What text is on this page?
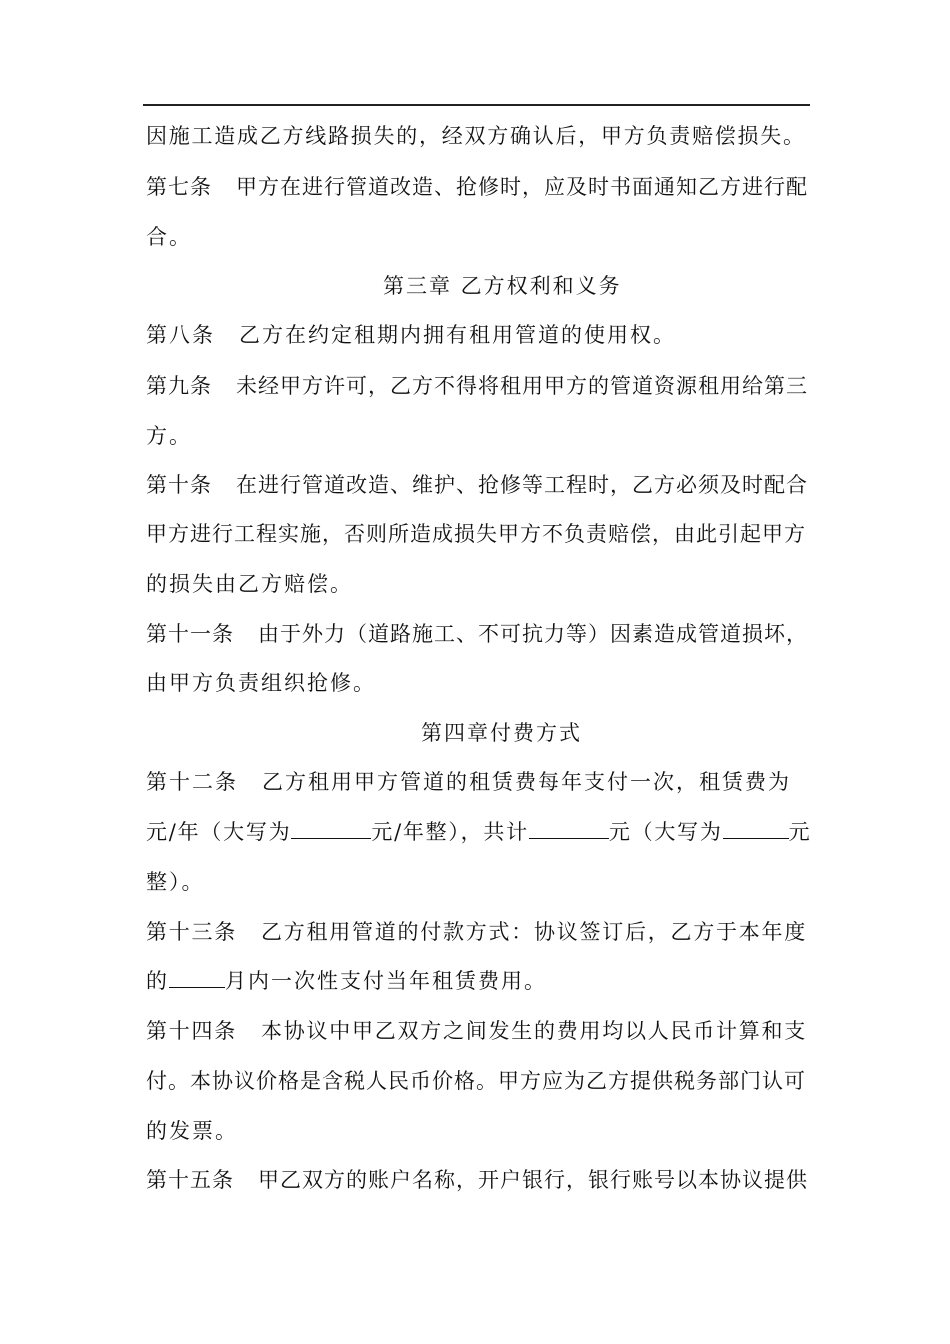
因施工造成乙方线路损失的，经双方确认后，甲方负责赔偿损失。
第七条 甲方在进行管道改造、抢修时，应及时书面通知乙方进行配
合。
第三章 乙方权利和义务
第八条 乙方在约定租期内拥有租用管道的使用权。
第九条 未经甲方许可，乙方不得将租用甲方的管道资源租用给第三
方。
第十条 在进行管道改造、维护、抢修等工程时，乙方必须及时配合
甲方进行工程实施，否则所造成损失甲方不负责赔偿，由此引起甲方
的损失由乙方赔偿。
第十一条 由于外力（道路施工、不可抗力等）因素造成管道损坏，
由甲方负责组织抢修。
第四章付费方式
第十二条 乙方租用甲方管道的租赁费每年支付一次，租赁费为
元/年（大写为	元/年整），共计	元（大写为	元
整）。
第十三条 乙方租用管道的付款方式：协议签订后，乙方于本年度
的	月内一次性支付当年租赁费用。
第十四条 本协议中甲乙双方之间发生的费用均以人民币计算和支
付。本协议价格是含税人民币价格。甲方应为乙方提供税务部门认可
的发票。
第十五条 甲乙双方的账户名称，开户银行，银行账号以本协议提供
